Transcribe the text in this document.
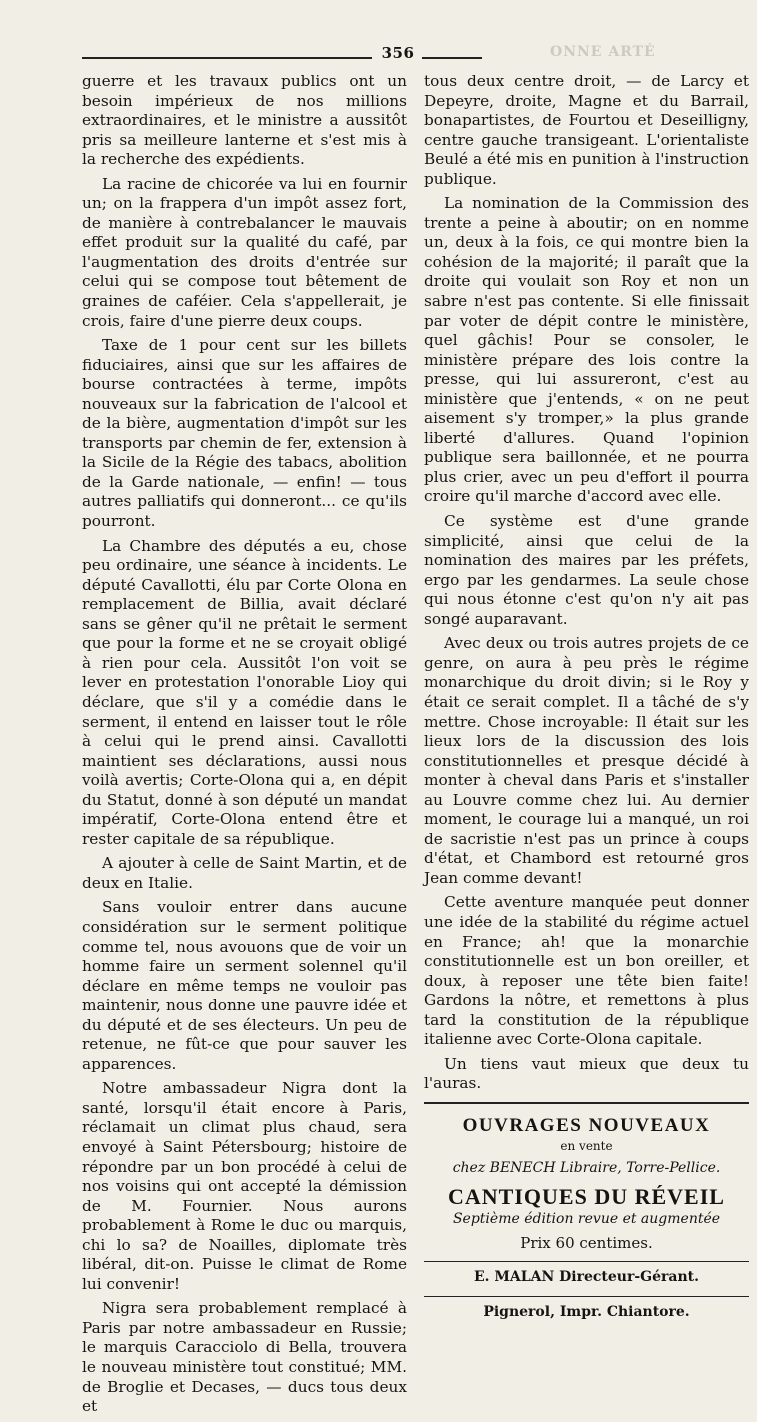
356	ONNE ARTÉ

guerre et les travaux publics ont un besoin impérieux de nos millions extraordinaires, et le ministre a aussitôt pris sa meilleure lanterne et s'est mis à la recherche des expédients.

La racine de chicorée va lui en fournir un; on la frappera d'un impôt assez fort, de manière à contrebalancer le mauvais effet produit sur la qualité du café, par l'augmentation des droits d'entrée sur celui qui se compose tout bêtement de graines de caféier. Cela s'appellerait, je crois, faire d'une pierre deux coups.

Taxe de 1 pour cent sur les billets fiduciaires, ainsi que sur les affaires de bourse contractées à terme, impôts nouveaux sur la fabrication de l'alcool et de la bière, augmentation d'impôt sur les transports par chemin de fer, extension à la Sicile de la Régie des tabacs, abolition de la Garde nationale, — enfin! — tous autres palliatifs qui donneront... ce qu'ils pourront.

La Chambre des députés a eu, chose peu ordinaire, une séance à incidents. Le député Cavallotti, élu par Corte Olona en remplacement de Billia, avait déclaré sans se gêner qu'il ne prêtait le serment que pour la forme et ne se croyait obligé à rien pour cela. Aussitôt l'on voit se lever en protestation l'onorable Lioy qui déclare, que s'il y a comédie dans le serment, il entend en laisser tout le rôle à celui qui le prend ainsi. Cavallotti maintient ses déclarations, aussi nous voilà avertis; Corte-Olona qui a, en dépit du Statut, donné à son député un mandat impératif, Corte-Olona entend être et rester capitale de sa république.

A ajouter à celle de Saint Martin, et de deux en Italie.

Sans vouloir entrer dans aucune considération sur le serment politique comme tel, nous avouons que de voir un homme faire un serment solennel qu'il déclare en même temps ne vouloir pas maintenir, nous donne une pauvre idée et du député et de ses électeurs. Un peu de retenue, ne fût-ce que pour sauver les apparences.

Notre ambassadeur Nigra dont la santé, lorsqu'il était encore à Paris, réclamait un climat plus chaud, sera envoyé à Saint Pétersbourg; histoire de répondre par un bon procédé à celui de nos voisins qui ont accepté la démission de M. Fournier. Nous aurons probablement à Rome le duc ou marquis, chi lo sa? de Noailles, diplomate très libéral, dit-on. Puisse le climat de Rome lui convenir!

Nigra sera probablement remplacé à Paris par notre ambassadeur en Russie; le marquis Caracciolo di Bella, trouvera le nouveau ministère tout constitué; MM. de Broglie et Decases, — ducs tous deux et

tous deux centre droit, — de Larcy et Depeyre, droite, Magne et du Barrail, bonapartistes, de Fourtou et Deseilligny, centre gauche transigeant. L'orientaliste Beulé a été mis en punition à l'instruction publique.

La nomination de la Commission des trente a peine à aboutir; on en nomme un, deux à la fois, ce qui montre bien la cohésion de la majorité; il paraît que la droite qui voulait son Roy et non un sabre n'est pas contente. Si elle finissait par voter de dépit contre le ministère, quel gâchis! Pour se consoler, le ministère prépare des lois contre la presse, qui lui assureront, c'est au ministère que j'entends, « on ne peut aisement s'y tromper,» la plus grande liberté d'allures. Quand l'opinion publique sera baillonnée, et ne pourra plus crier, avec un peu d'effort il pourra croire qu'il marche d'accord avec elle.

Ce système est d'une grande simplicité, ainsi que celui de la nomination des maires par les préfets, ergo par les gendarmes. La seule chose qui nous étonne c'est qu'on n'y ait pas songé auparavant.

Avec deux ou trois autres projets de ce genre, on aura à peu près le régime monarchique du droit divin; si le Roy y était ce serait complet. Il a tâché de s'y mettre. Chose incroyable: Il était sur les lieux lors de la discussion des lois constitutionnelles et presque décidé à monter à cheval dans Paris et s'installer au Louvre comme chez lui. Au dernier moment, le courage lui a manqué, un roi de sacristie n'est pas un prince à coups d'état, et Chambord est retourné gros Jean comme devant!

Cette aventure manquée peut donner une idée de la stabilité du régime actuel en France; ah! que la monarchie constitutionnelle est un bon oreiller, et doux, à reposer une tête bien faite! Gardons la nôtre, et remettons à plus tard la constitution de la république italienne avec Corte-Olona capitale.

Un tiens vaut mieux que deux tu l'auras.

OUVRAGES NOUVEAUX
en vente
chez BENECH Libraire, Torre-Pellice.
CANTIQUES DU RÉVEIL
Septième édition revue et augmentée
Prix 60 centimes.
E. MALAN Directeur-Gérant.
Pignerol, Impr. Chiantore.
